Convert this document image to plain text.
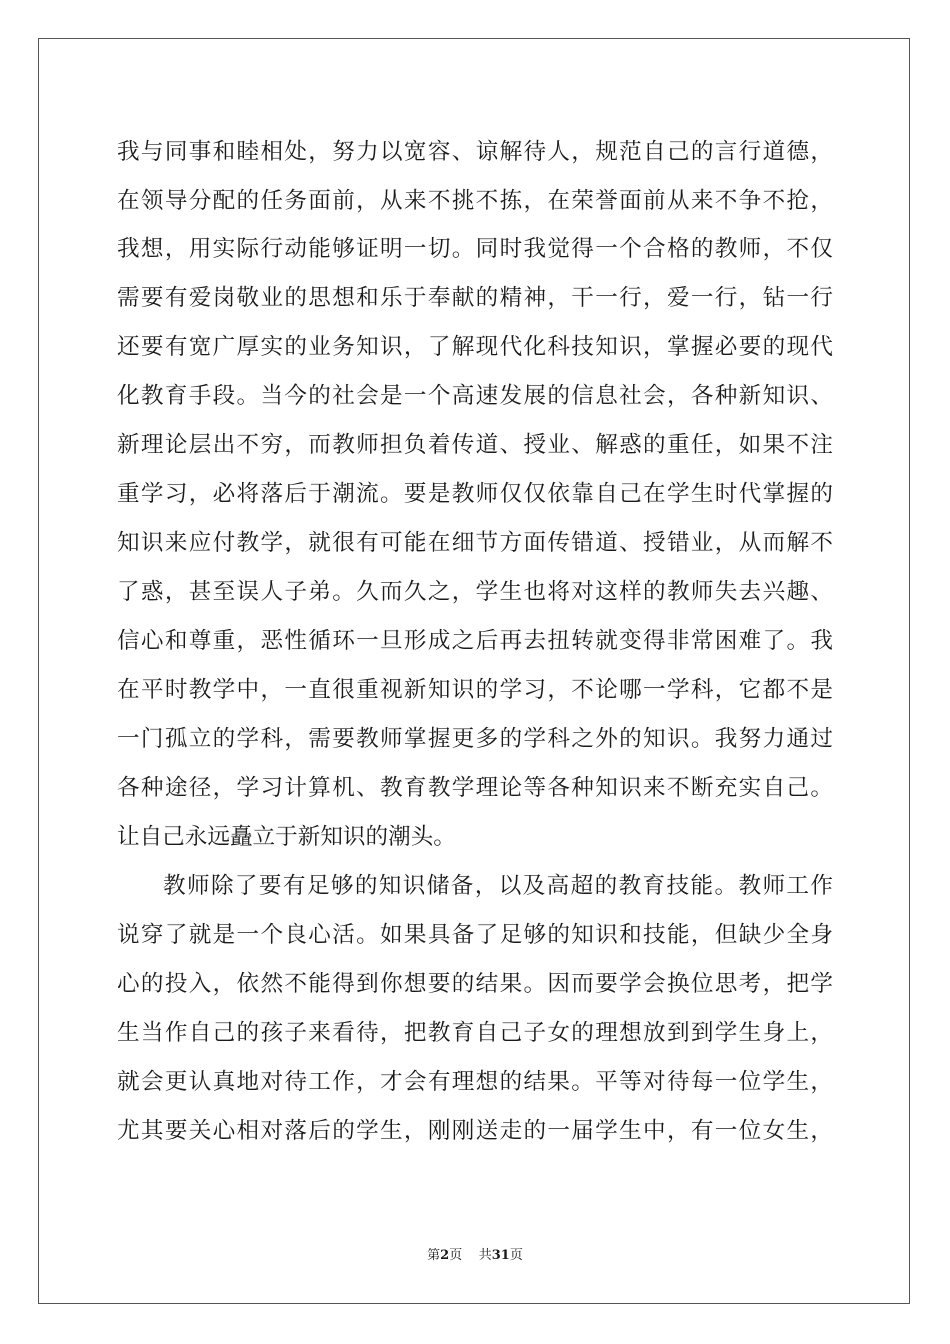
我与同事和睦相处，努力以宽容、谅解待人，规范自己的言行道德，
在领导分配的任务面前，从来不挑不拣，在荣誉面前从来不争不抢，
我想，用实际行动能够证明一切。同时我觉得一个合格的教师，不仅
需要有爱岗敬业的思想和乐于奉献的精神，干一行，爱一行，钻一行
还要有宽广厚实的业务知识，了解现代化科技知识，掌握必要的现代
化教育手段。当今的社会是一个高速发展的信息社会，各种新知识、
新理论层出不穷，而教师担负着传道、授业、解惑的重任，如果不注
重学习，必将落后于潮流。要是教师仅仅依靠自己在学生时代掌握的
知识来应付教学，就很有可能在细节方面传错道、授错业，从而解不
了惑，甚至误人子弟。久而久之，学生也将对这样的教师失去兴趣、
信心和尊重，恶性循环一旦形成之后再去扭转就变得非常困难了。我
在平时教学中，一直很重视新知识的学习，不论哪一学科，它都不是
一门孤立的学科，需要教师掌握更多的学科之外的知识。我努力通过
各种途径，学习计算机、教育教学理论等各种知识来不断充实自己。
让自己永远矗立于新知识的潮头。
教师除了要有足够的知识储备，以及高超的教育技能。教师工作
说穿了就是一个良心活。如果具备了足够的知识和技能，但缺少全身
心的投入，依然不能得到你想要的结果。因而要学会换位思考，把学
生当作自己的孩子来看待，把教育自己子女的理想放到到学生身上，
就会更认真地对待工作，才会有理想的结果。平等对待每一位学生，
尤其要关心相对落后的学生，刚刚送走的一届学生中，有一位女生，
第2页 共31页
